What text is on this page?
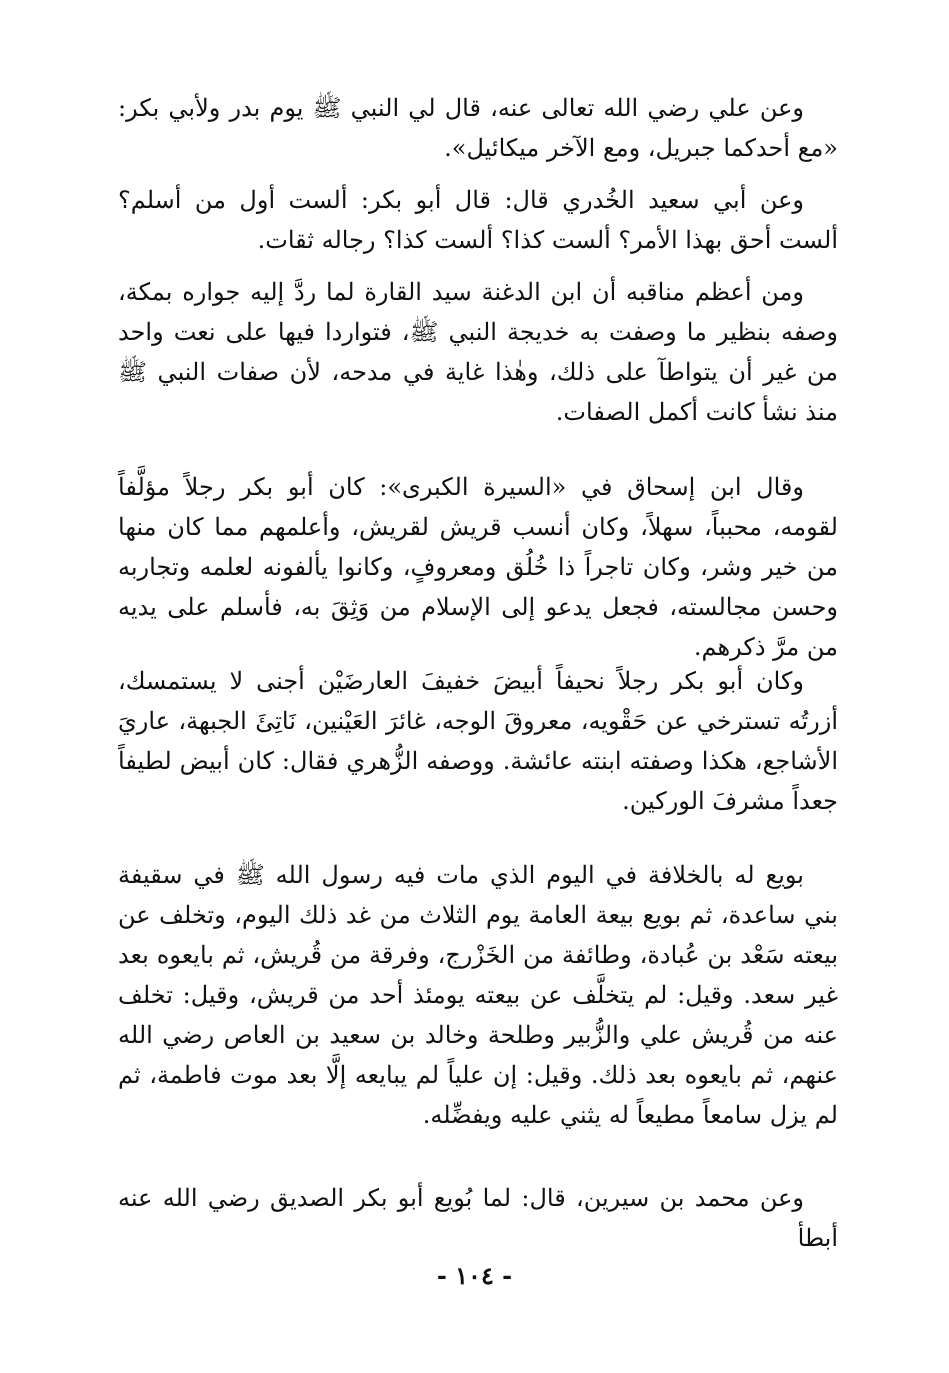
وعن علي رضي الله تعالى عنه، قال لي النبي ﷺ يوم بدر ولأبي بكر: «مع أحدكما جبريل، ومع الآخر ميكائيل».

وعن أبي سعيد الخُدري قال: قال أبو بكر: ألست أول من أسلم؟ ألست أحق بهذا الأمر؟ ألست كذا؟ ألست كذا؟ رجاله ثقات.

ومن أعظم مناقبه أن ابن الدغنة سيد القارة لما ردَّ إليه جواره بمكة، وصفه بنظير ما وصفت به خديجة النبي ﷺ، فتواردا فيها على نعت واحد من غير أن يتواطآ على ذلك، وهٰذا غاية في مدحه، لأن صفات النبي ﷺ منذ نشأ كانت أكمل الصفات.

وقال ابن إسحاق في «السيرة الكبرى»: كان أبو بكر رجلاً مؤلَّفاً لقومه، محبباً، سهلاً، وكان أنسب قريش لقريش، وأعلمهم مما كان منها من خير وشر، وكان تاجراً ذا خُلُق ومعروفٍ، وكانوا يألفونه لعلمه وتجاربه وحسن مجالسته، فجعل يدعو إلى الإسلام من وَثِقَ به، فأسلم على يديه من مرَّ ذكرهم.

وكان أبو بكر رجلاً نحيفاً أبيضَ خفيفَ العارضَيْن أجنى لا يستمسك، أزرتُه تسترخي عن حَقْويه، معروقَ الوجه، غائرَ العَيْنين، نَاتِئَ الجبهة، عاريَ الأشاجع، هكذا وصفته ابنته عائشة. ووصفه الزُّهري فقال: كان أبيض لطيفاً جعداً مشرفَ الوركين.

بويع له بالخلافة في اليوم الذي مات فيه رسول الله ﷺ في سقيفة بني ساعدة، ثم بويع بيعة العامة يوم الثلاث من غد ذلك اليوم، وتخلف عن بيعته سَعْد بن عُبادة، وطائفة من الخَزْرج، وفرقة من قُريش، ثم بايعوه بعد غير سعد. وقيل: لم يتخلَّف عن بيعته يومئذ أحد من قريش، وقيل: تخلف عنه من قُريش علي والزُّبير وطلحة وخالد بن سعيد بن العاص رضي الله عنهم، ثم بايعوه بعد ذلك. وقيل: إن علياً لم يبايعه إلَّا بعد موت فاطمة، ثم لم يزل سامعاً مطيعاً له يثني عليه ويفضِّله.

وعن محمد بن سيرين، قال: لما بُويع أبو بكر الصديق رضي الله عنه أبطأ

- ١٠٤ -
